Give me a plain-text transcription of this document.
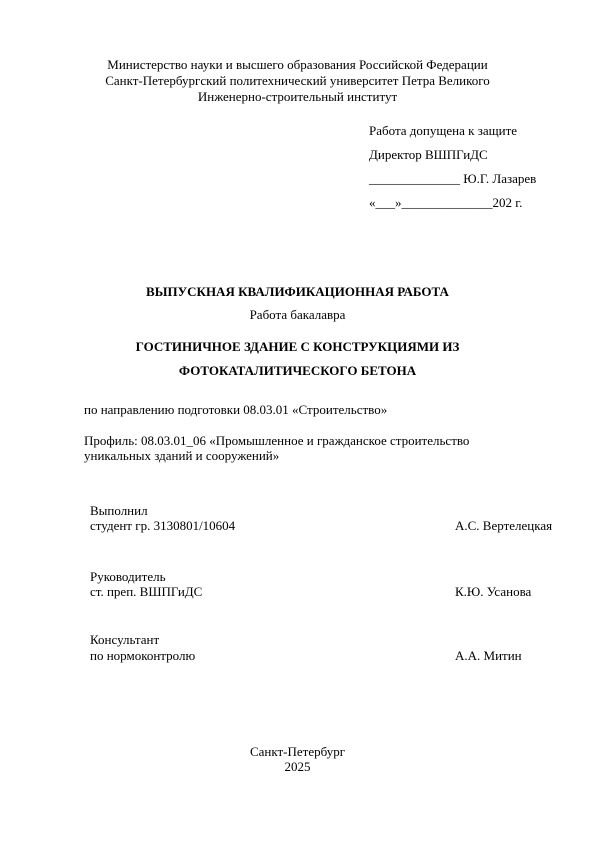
Министерство науки и высшего образования Российской Федерации
Санкт-Петербургский политехнический университет Петра Великого
Инженерно-строительный институт
Работа допущена к защите
Директор ВШПГиДС
______________ Ю.Г. Лазарев
«___»______________202 г.
ВЫПУСКНАЯ КВАЛИФИКАЦИОННАЯ РАБОТА
Работа бакалавра
ГОСТИНИЧНОЕ ЗДАНИЕ С КОНСТРУКЦИЯМИ ИЗ
ФОТОКАТАЛИТИЧЕСКОГО БЕТОНА
по направлению подготовки 08.03.01 «Строительство»
Профиль: 08.03.01_06 «Промышленное и гражданское строительство
уникальных зданий и сооружений»
Выполнил
студент гр. 3130801/10604	А.С. Вертелецкая
Руководитель
ст. преп. ВШПГиДС	К.Ю. Усанова
Консультант
по нормоконтролю	А.А. Митин
Санкт-Петербург
2025
